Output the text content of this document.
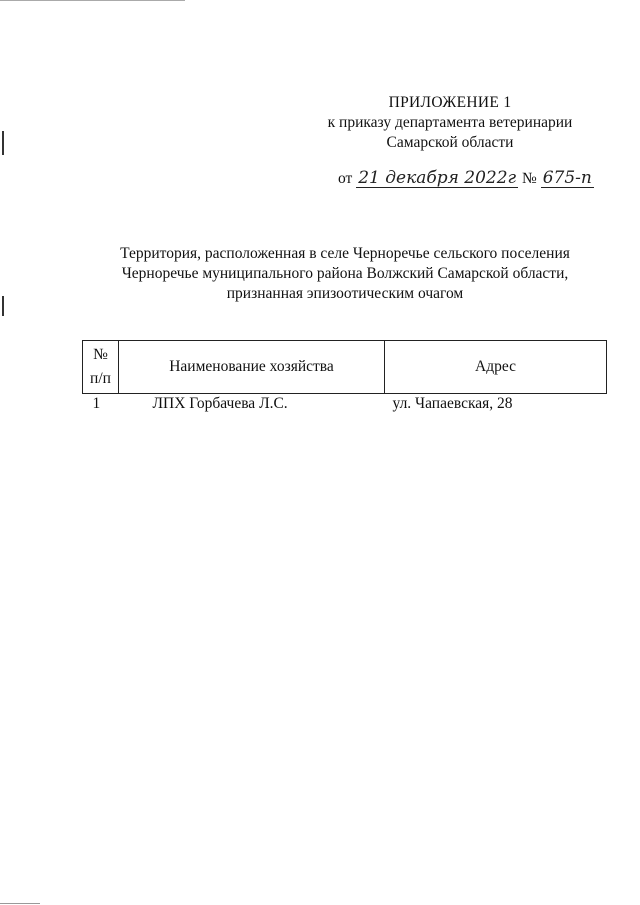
ПРИЛОЖЕНИЕ 1
к приказу департамента ветеринарии
Самарской области
от 21 декабря 2022г № 675-п
Территория, расположенная в селе Черноречье сельского поселения
Черноречье муниципального района Волжский Самарской области,
признанная эпизоотическим очагом
№
п/п	Наименование хозяйства	Адрес
1	ЛПХ Горбачева Л.С.	ул. Чапаевская, 28
